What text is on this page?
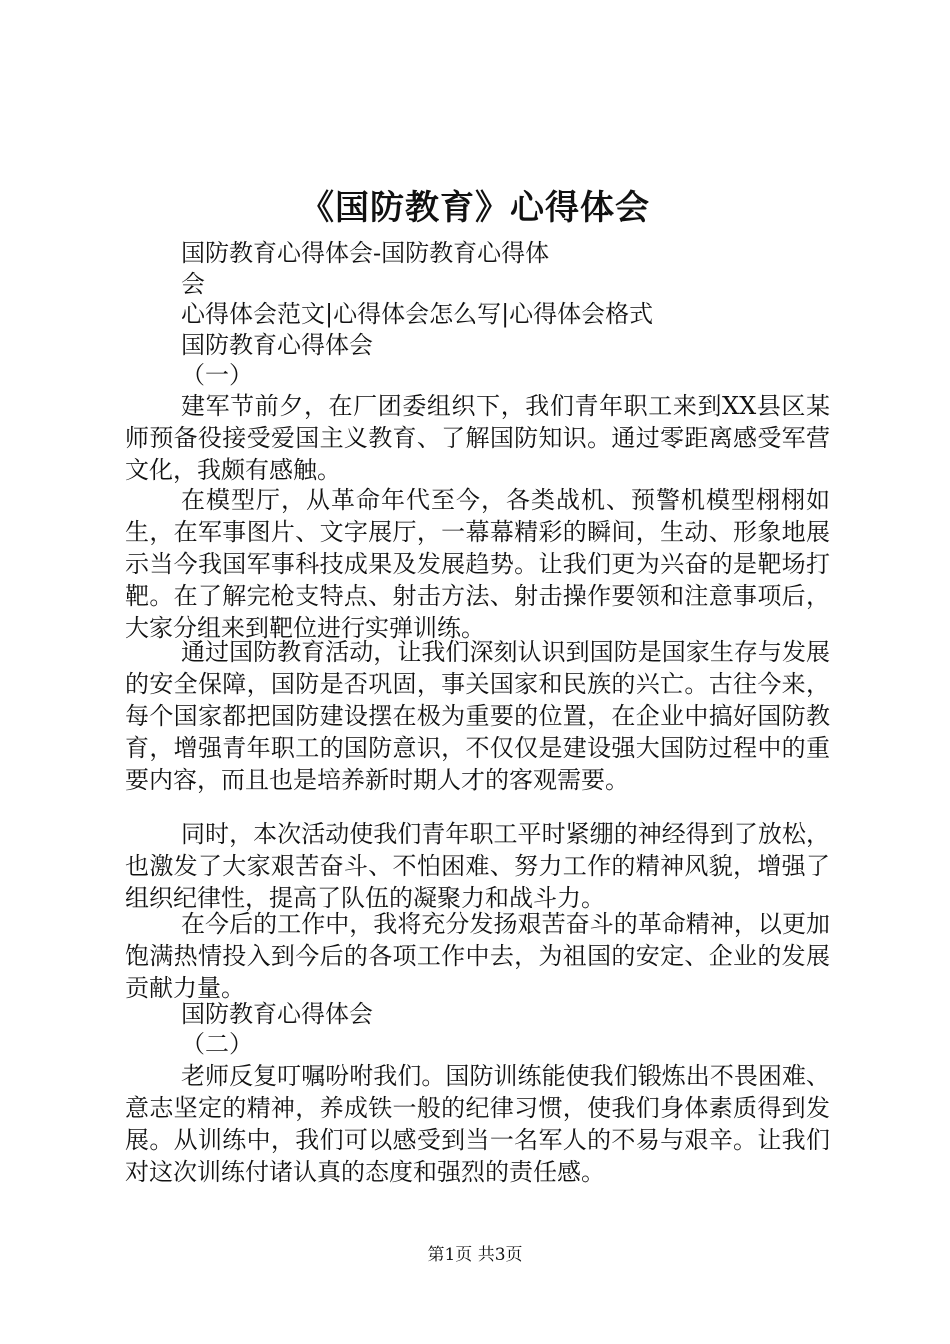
《国防教育》心得体会
国防教育心得体会-国防教育心得体
会
心得体会范文|心得体会怎么写|心得体会格式
国防教育心得体会
（一）

建军节前夕，在厂团委组织下，我们青年职工来到XX县区某师预备役接受爱国主义教育、了解国防知识。通过零距离感受军营文化，我颇有感触。

在模型厅，从革命年代至今，各类战机、预警机模型栩栩如生，在军事图片、文字展厅，一幕幕精彩的瞬间，生动、形象地展示当今我国军事科技成果及发展趋势。让我们更为兴奋的是靶场打靶。在了解完枪支特点、射击方法、射击操作要领和注意事项后，大家分组来到靶位进行实弹训练。

通过国防教育活动，让我们深刻认识到国防是国家生存与发展的安全保障，国防是否巩固，事关国家和民族的兴亡。古往今来，每个国家都把国防建设摆在极为重要的位置，在企业中搞好国防教育，增强青年职工的国防意识，不仅仅是建设强大国防过程中的重要内容，而且也是培养新时期人才的客观需要。

同时，本次活动使我们青年职工平时紧绷的神经得到了放松，也激发了大家艰苦奋斗、不怕困难、努力工作的精神风貌，增强了组织纪律性，提高了队伍的凝聚力和战斗力。

在今后的工作中，我将充分发扬艰苦奋斗的革命精神，以更加饱满热情投入到今后的各项工作中去，为祖国的安定、企业的发展贡献力量。

国防教育心得体会
（二）

老师反复叮嘱吩咐我们。国防训练能使我们锻炼出不畏困难、意志坚定的精神，养成铁一般的纪律习惯，使我们身体素质得到发展。从训练中，我们可以感受到当一名军人的不易与艰辛。让我们对这次训练付诸认真的态度和强烈的责任感。

第1页 共3页
